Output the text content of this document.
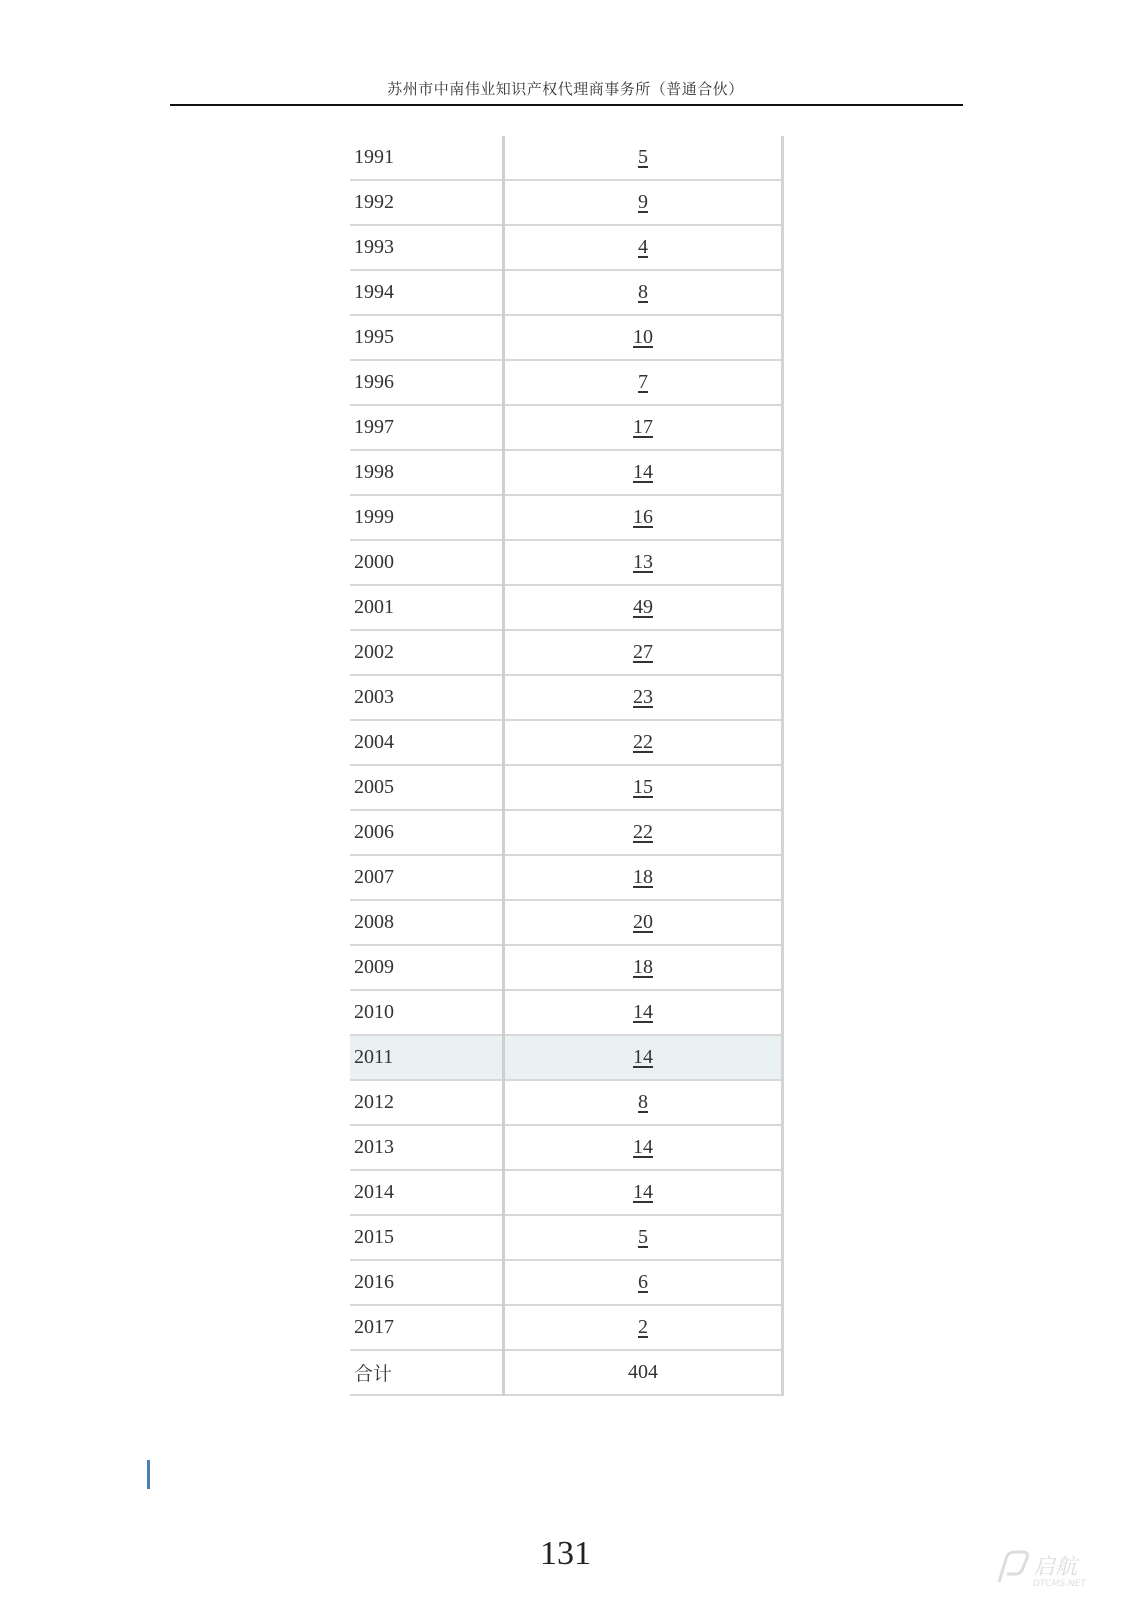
苏州市中南伟业知识产权代理商事务所（普通合伙）
1991	5
1992	9
1993	4
1994	8
1995	10
1996	7
1997	17
1998	14
1999	16
2000	13
2001	49
2002	27
2003	23
2004	22
2005	15
2006	22
2007	18
2008	20
2009	18
2010	14
2011	14
2012	8
2013	14
2014	14
2015	5
2016	6
2017	2
合计	404
131	启航
DTCMS.NET
